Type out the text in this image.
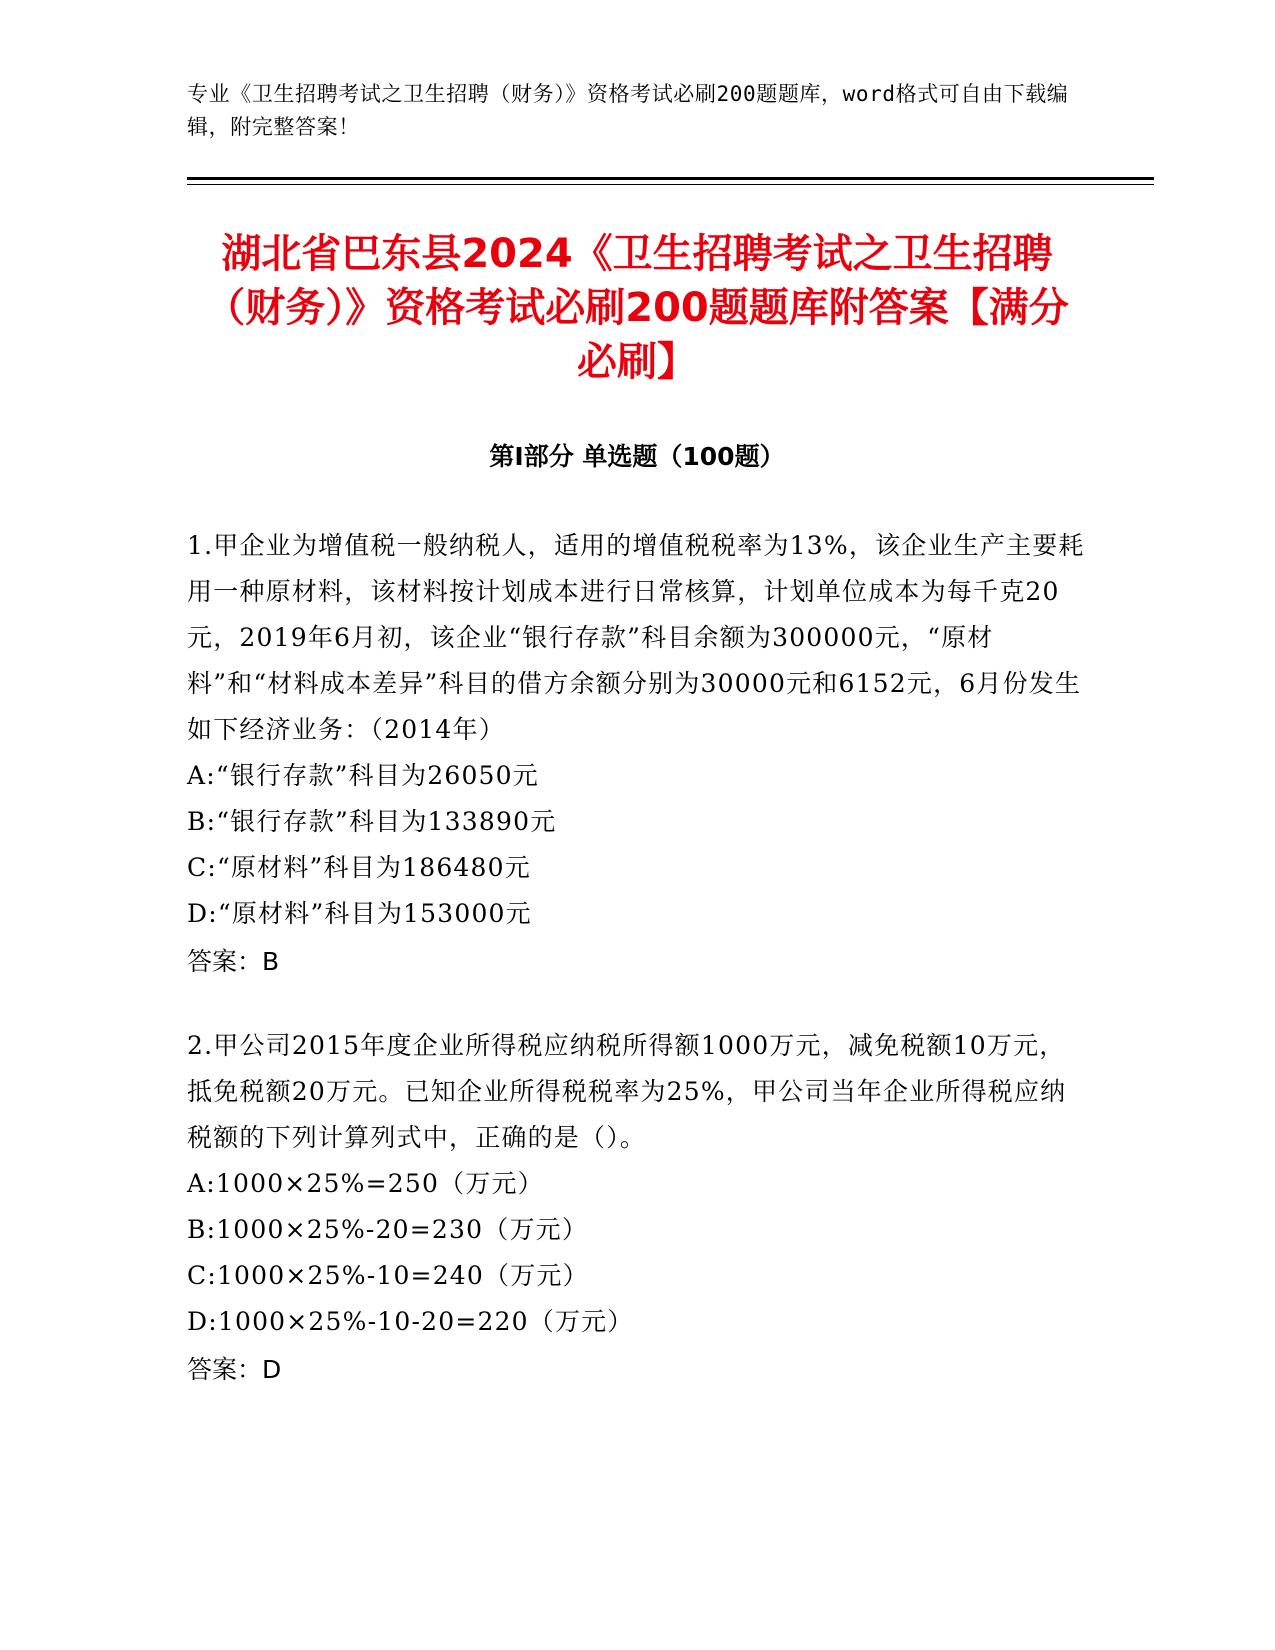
专业《卫生招聘考试之卫生招聘（财务）》资格考试必刷200题题库，word格式可自由下载编辑，附完整答案！
湖北省巴东县2024《卫生招聘考试之卫生招聘（财务）》资格考试必刷200题题库附答案【满分必刷】
第I部分 单选题（100题）
1.甲企业为增值税一般纳税人，适用的增值税税率为13%，该企业生产主要耗用一种原材料，该材料按计划成本进行日常核算，计划单位成本为每千克20元，2019年6月初，该企业“银行存款”科目余额为300000元，“原材料”和“材料成本差异”科目的借方余额分别为30000元和6152元，6月份发生如下经济业务：（2014年）
A:“银行存款”科目为26050元
B:“银行存款”科目为133890元
C:“原材料”科目为186480元
D:“原材料”科目为153000元
答案：B
2.甲公司2015年度企业所得税应纳税所得额1000万元，减免税额10万元，抵免税额20万元。已知企业所得税税率为25%，甲公司当年企业所得税应纳税额的下列计算列式中，正确的是（）。
A:1000×25%=250（万元）
B:1000×25%-20=230（万元）
C:1000×25%-10=240（万元）
D:1000×25%-10-20=220（万元）
答案：D
